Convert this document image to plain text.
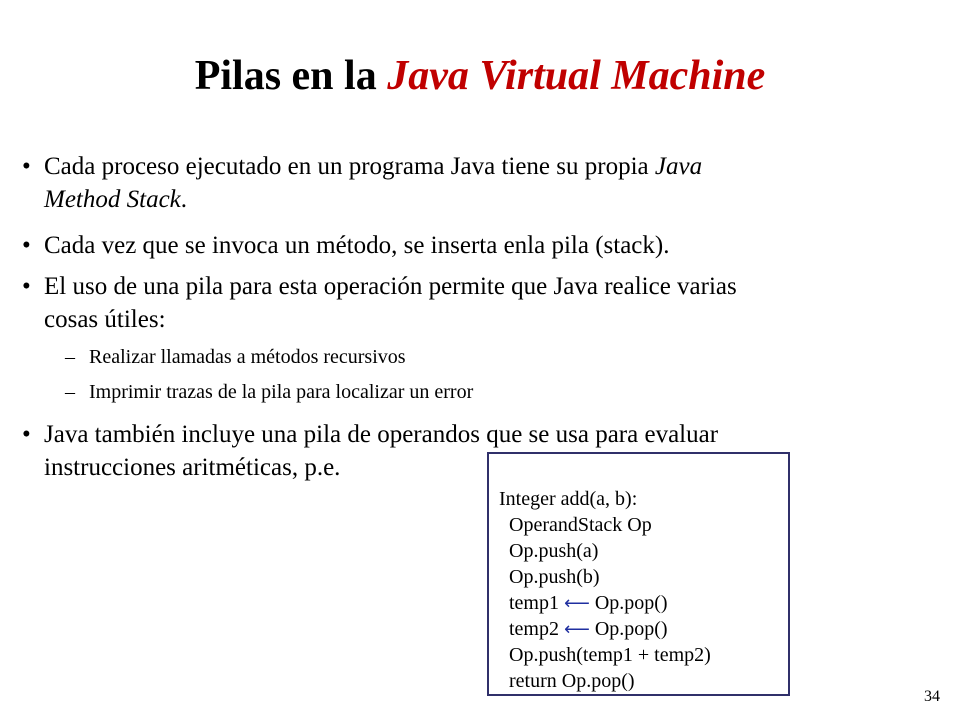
Pilas en la Java Virtual Machine
• Cada proceso ejecutado en un programa Java tiene su propia Java
Method Stack.
• Cada vez que se invoca un método, se inserta enla pila (stack).
• El uso de una pila para esta operación permite que Java realice varias
cosas útiles:
– Realizar llamadas a métodos recursivos
– Imprimir trazas de la pila para localizar un error
• Java también incluye una pila de operandos que se usa para evaluar
instrucciones aritméticas, p.e.
Integer add(a, b):
OperandStack Op
Op.push(a)
Op.push(b)
temp1 ⟵ Op.pop()
temp2 ⟵ Op.pop()
Op.push(temp1 + temp2)
return Op.pop()
34
